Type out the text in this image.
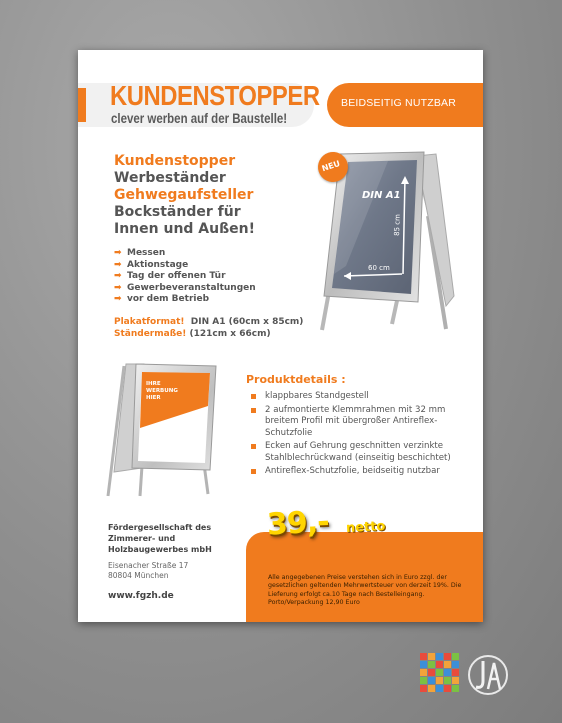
KUNDENSTOPPER
clever werben auf der Baustelle!
BEIDSEITIG NUTZBAR
Kundenstopper
Werbeständer
Gehwegaufsteller
Bockständer für
Innen und Außen!
➡ Messen
➡ Aktionstage
➡ Tag der offenen Tür
➡ Gewerbeveranstaltungen
➡ vor dem Betrieb
Plakatformat! DIN A1 (60cm x 85cm)
Ständermaße! (121cm x 66cm)
DIN A1
85 cm
60 cm
NEU
IHRE
WERBUNG
HIER
Produktdetails :
klappbares Standgestell
2 aufmontierte Klemmrahmen mit 32 mm breitem Profil mit übergroßer Antireflex-Schutzfolie
Ecken auf Gehrung geschnitten verzinkte Stahlblechrückwand (einseitig beschichtet)
Antireflex-Schutzfolie, beidseitig nutzbar
Fördergesellschaft des
Zimmerer- und
Holzbaugewerbes mbH
Eisenacher Straße 17
80804 München
www.fgzh.de
39,- netto
Alle angegebenen Preise verstehen sich in Euro zzgl. der gesetzlichen geltenden Mehrwertsteuer von derzeit 19%. Die Lieferung erfolgt ca.10 Tage nach Bestelleingang. Porto/Verpackung 12,90 Euro
